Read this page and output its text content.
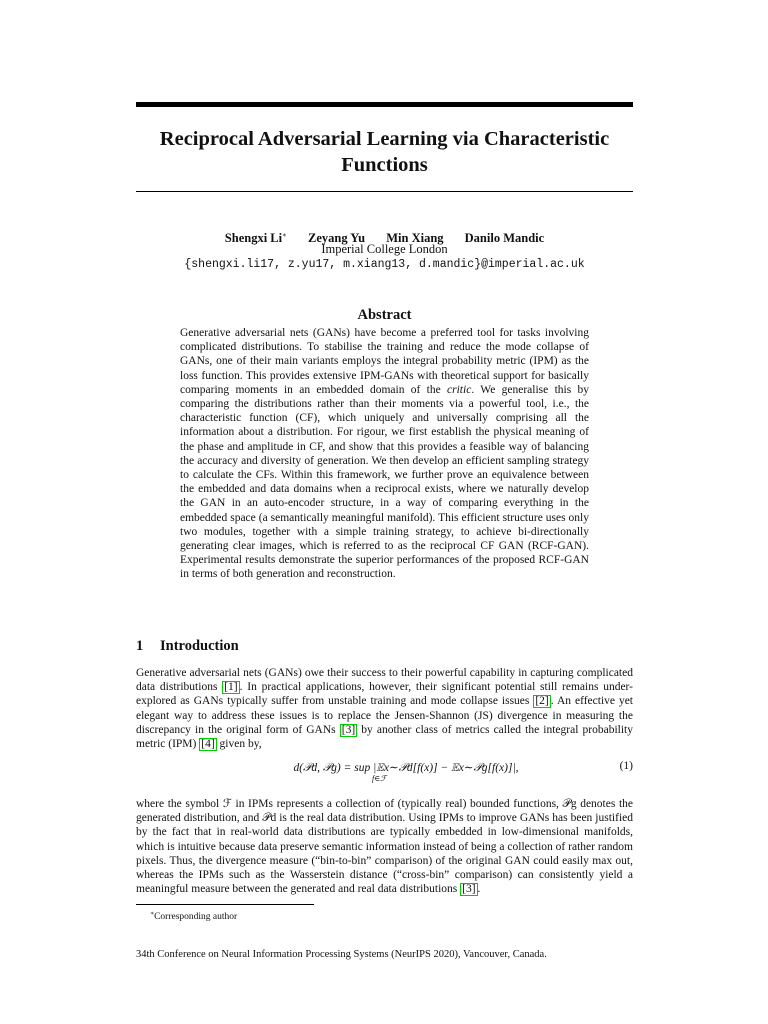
Reciprocal Adversarial Learning via Characteristic Functions
Shengxi Li∗ Zeyang Yu Min Xiang Danilo Mandic
Imperial College London
{shengxi.li17, z.yu17, m.xiang13, d.mandic}@imperial.ac.uk
Abstract

Generative adversarial nets (GANs) have become a preferred tool for tasks involving complicated distributions. To stabilise the training and reduce the mode collapse of GANs, one of their main variants employs the integral probability metric (IPM) as the loss function. This provides extensive IPM-GANs with theoretical support for basically comparing moments in an embedded domain of the critic. We generalise this by comparing the distributions rather than their moments via a powerful tool, i.e., the characteristic function (CF), which uniquely and universally comprising all the information about a distribution. For rigour, we first establish the physical meaning of the phase and amplitude in CF, and show that this provides a feasible way of balancing the accuracy and diversity of generation. We then develop an efficient sampling strategy to calculate the CFs. Within this framework, we further prove an equivalence between the embedded and data domains when a reciprocal exists, where we naturally develop the GAN in an auto-encoder structure, in a way of comparing everything in the embedded space (a semantically meaningful manifold). This efficient structure uses only two modules, together with a simple training strategy, to achieve bi-directionally generating clear images, which is referred to as the reciprocal CF GAN (RCF-GAN). Experimental results demonstrate the superior performances of the proposed RCF-GAN in terms of both generation and reconstruction.

1 Introduction

Generative adversarial nets (GANs) owe their success to their powerful capability in capturing complicated data distributions [1] . In practical applications, however, their significant potential still remains under-explored as GANs typically suffer from unstable training and mode collapse issues [2] . An effective yet elegant way to address these issues is to replace the Jensen-Shannon (JS) divergence in measuring the discrepancy in the original form of GANs [3] by another class of metrics called the integral probability metric (IPM) [4] given by,

d(𝒫d, 𝒫g) = sup |𝔼x∼𝒫d[f(x)] − 𝔼x∼𝒫g[f(x)]|,
f∈ℱ
(1)

where the symbol ℱ in IPMs represents a collection of (typically real) bounded functions, 𝒫g denotes the generated distribution, and 𝒫d is the real data distribution. Using IPMs to improve GANs has been justified by the fact that in real-world data distributions are typically embedded in low-dimensional manifolds, which is intuitive because data preserve semantic information instead of being a collection of rather random pixels. Thus, the divergence measure (“bin-to-bin” comparison) of the original GAN could easily max out, whereas the IPMs such as the Wasserstein distance (“cross-bin” comparison) can consistently yield a meaningful measure between the generated and real data distributions [3] .

∗Corresponding author
34th Conference on Neural Information Processing Systems (NeurIPS 2020), Vancouver, Canada.
